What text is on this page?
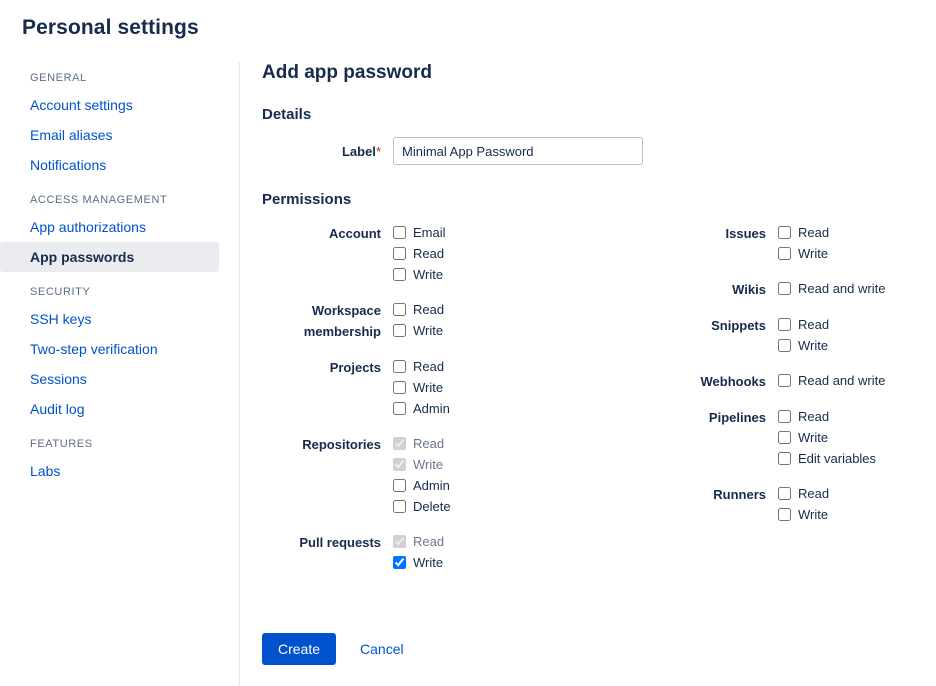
Personal settings
GENERAL
Account settings
Email aliases
Notifications
ACCESS MANAGEMENT
App authorizations
App passwords
SECURITY
SSH keys
Two-step verification
Sessions
Audit log
FEATURES
Labs
Add app password
Details
Label*
Minimal App Password
Permissions
Account	Email
Read
Write
Workspace membership
Read
Write
Projects	Read
Write
Admin
Repositories	Read
Write
Admin
Delete
Pull requests	Read
Write
Issues	Read
Write
Wikis	Read and write
Snippets	Read
Write
Webhooks	Read and write
Pipelines	Read
Write
Edit variables
Runners	Read
Write
Create	Cancel
